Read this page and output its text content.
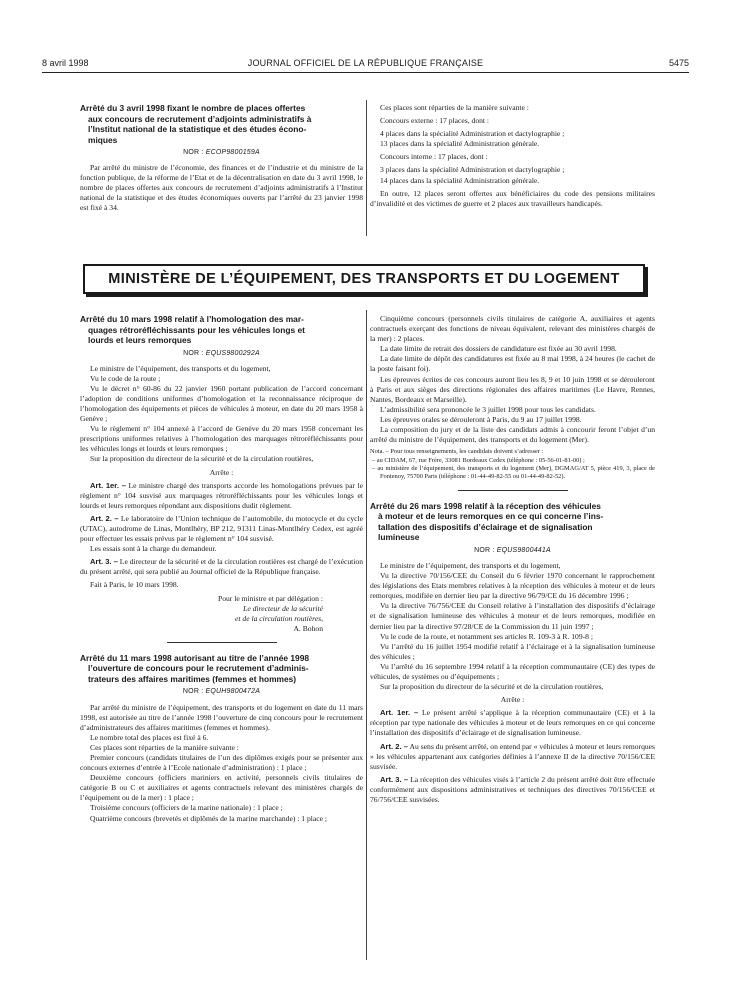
8 avril 1998	JOURNAL OFFICIEL DE LA RÉPUBLIQUE FRANÇAISE	5475
Arrêté du 3 avril 1998 fixant le nombre de places offertes
aux concours de recrutement d’adjoints administratifs à
l’Institut national de la statistique et des études écono-
miques
NOR : ECOP9800159A

Par arrêté du ministre de l’économie, des finances et de l’industrie et du ministre de la fonction publique, de la réforme de l’Etat et de la décentralisation en date du 3 avril 1998, le nombre de places offertes aux concours de recrutement d’adjoints administratifs à l’Institut national de la statistique et des études économiques ouverts par l’arrêté du 23 janvier 1998 est fixé à 34.

Ces places sont réparties de la manière suivante :

Concours externe : 17 places, dont :

4 places dans la spécialité Administration et dactylographie ;

13 places dans la spécialité Administration générale.

Concours interne : 17 places, dont :

3 places dans la spécialité Administration et dactylographie ;

14 places dans la spécialité Administration générale.

En outre, 12 places seront offertes aux bénéficiaires du code des pensions militaires d’invalidité et des victimes de guerre et 2 places aux travailleurs handicapés.

MINISTÈRE DE L’ÉQUIPEMENT, DES TRANSPORTS ET DU LOGEMENT
Arrêté du 10 mars 1998 relatif à l’homologation des mar-
quages rétroréfléchissants pour les véhicules longs et
lourds et leurs remorques
NOR : EQUS9800292A

Le ministre de l’équipement, des transports et du logement,

Vu le code de la route ;

Vu le décret n° 60-86 du 22 janvier 1960 portant publication de l’accord concernant l’adoption de conditions uniformes d’homologation et la reconnaissance réciproque de l’homologation des équipements et pièces de véhicules à moteur, en date du 20 mars 1958 à Genève ;

Vu le règlement n° 104 annexé à l’accord de Genève du 20 mars 1958 concernant les prescriptions uniformes relatives à l’homologation des marquages rétroréfléchissants pour les véhicules longs et lourds et leurs remorques ;

Sur la proposition du directeur de la sécurité et de la circulation routières,

Arrête :

Art. 1er. – Le ministre chargé des transports accorde les homologations prévues par le règlement n° 104 susvisé aux marquages rétroréfléchissants pour les véhicules longs et lourds et leurs remorques répondant aux dispositions dudit règlement.

Art. 2. – Le laboratoire de l’Union technique de l’automobile, du motocycle et du cycle (UTAC), autodrome de Linas, Montlhéry, BP 212, 91311 Linas-Montlhéry Cedex, est agréé pour effectuer les essais prévus par le règlement n° 104 susvisé.

Les essais sont à la charge du demandeur.

Art. 3. – Le directeur de la sécurité et de la circulation routières est chargé de l’exécution du présent arrêté, qui sera publié au Journal officiel de la République française.

Fait à Paris, le 10 mars 1998.

Pour le ministre et par délégation :

Le directeur de la sécurité

et de la circulation routières,

A. Bohon

Arrêté du 11 mars 1998 autorisant au titre de l’année 1998
l’ouverture de concours pour le recrutement d’adminis-
trateurs des affaires maritimes (femmes et hommes)
NOR : EQUH9800472A

Par arrêté du ministre de l’équipement, des transports et du logement en date du 11 mars 1998, est autorisée au titre de l’année 1998 l’ouverture de cinq concours pour le recrutement d’administrateurs des affaires maritimes (femmes et hommes).

Le nombre total des places est fixé à 6.

Ces places sont réparties de la manière suivante :

Premier concours (candidats titulaires de l’un des diplômes exigés pour se présenter aux concours externes d’entrée à l’Ecole nationale d’administration) : 1 place ;

Deuxième concours (officiers mariniers en activité, personnels civils titulaires de catégorie B ou C et auxiliaires et agents contractuels relevant des ministères chargés de l’équipement ou de la mer) : 1 place ;

Troisième concours (officiers de la marine nationale) : 1 place ;

Quatrième concours (brevetés et diplômés de la marine marchande) : 1 place ;

Cinquième concours (personnels civils titulaires de catégorie A, auxiliaires et agents contractuels exerçant des fonctions de niveau équivalent, relevant des ministères chargés de la mer) : 2 places.

La date limite de retrait des dossiers de candidature est fixée au 30 avril 1998.

La date limite de dépôt des candidatures est fixée au 8 mai 1998, à 24 heures (le cachet de la poste faisant foi).

Les épreuves écrites de ces concours auront lieu les 8, 9 et 10 juin 1998 et se dérouleront à Paris et aux sièges des directions régionales des affaires maritimes (Le Havre, Rennes, Nantes, Bordeaux et Marseille).

L’admissibilité sera prononcée le 3 juillet 1998 pour tous les candidats.

Les épreuves orales se dérouleront à Paris, du 9 au 17 juillet 1998.

La composition du jury et de la liste des candidats admis à concourir feront l’objet d’un arrêté du ministre de l’équipement, des transports et du logement (Mer).

Nota. – Pour tous renseignements, les candidats doivent s’adresser :

– au CIDAM, 67, rue Frère, 33081 Bordeaux Cedex (téléphone : 05-56-01-81-00) ;

– au ministère de l’équipement, des transports et du logement (Mer), DGMAG/AT 5, pièce 419, 3, place de Fontenoy, 75700 Paris (téléphone : 01-44-49-82-55 ou 01-44-49-82-52).

Arrêté du 26 mars 1998 relatif à la réception des véhicules
à moteur et de leurs remorques en ce qui concerne l’ins-
tallation des dispositifs d’éclairage et de signalisation
lumineuse
NOR : EQUS9800441A

Le ministre de l’équipement, des transports et du logement,

Vu la directive 70/156/CEE du Conseil du 6 février 1970 concernant le rapprochement des législations des Etats membres relatives à la réception des véhicules à moteur et de leurs remorques, modifiée en dernier lieu par la directive 96/79/CE du 16 décembre 1996 ;

Vu la directive 76/756/CEE du Conseil relative à l’installation des dispositifs d’éclairage et de signalisation lumineuse des véhicules à moteur et de leurs remorques, modifiée en dernier lieu par la directive 97/28/CE de la Commission du 11 juin 1997 ;

Vu le code de la route, et notamment ses articles R. 109-3 à R. 109-8 ;

Vu l’arrêté du 16 juillet 1954 modifié relatif à l’éclairage et à la signalisation lumineuse des véhicules ;

Vu l’arrêté du 16 septembre 1994 relatif à la réception communautaire (CE) des types de véhicules, de systèmes ou d’équipements ;

Sur la proposition du directeur de la sécurité et de la circulation routières,

Arrête :

Art. 1er. – Le présent arrêté s’applique à la réception communautaire (CE) et à la réception par type nationale des véhicules à moteur et de leurs remorques en ce qui concerne l’installation des dispositifs d’éclairage et de signalisation lumineuse.

Art. 2. – Au sens du présent arrêté, on entend par « véhicules à moteur et leurs remorques » les véhicules appartenant aux catégories définies à l’annexe II de la directive 70/156/CEE susvisée.

Art. 3. – La réception des véhicules visés à l’article 2 du présent arrêté doit être effectuée conformément aux dispositions administratives et techniques des directives 70/156/CEE et 76/756/CEE susvisées.
